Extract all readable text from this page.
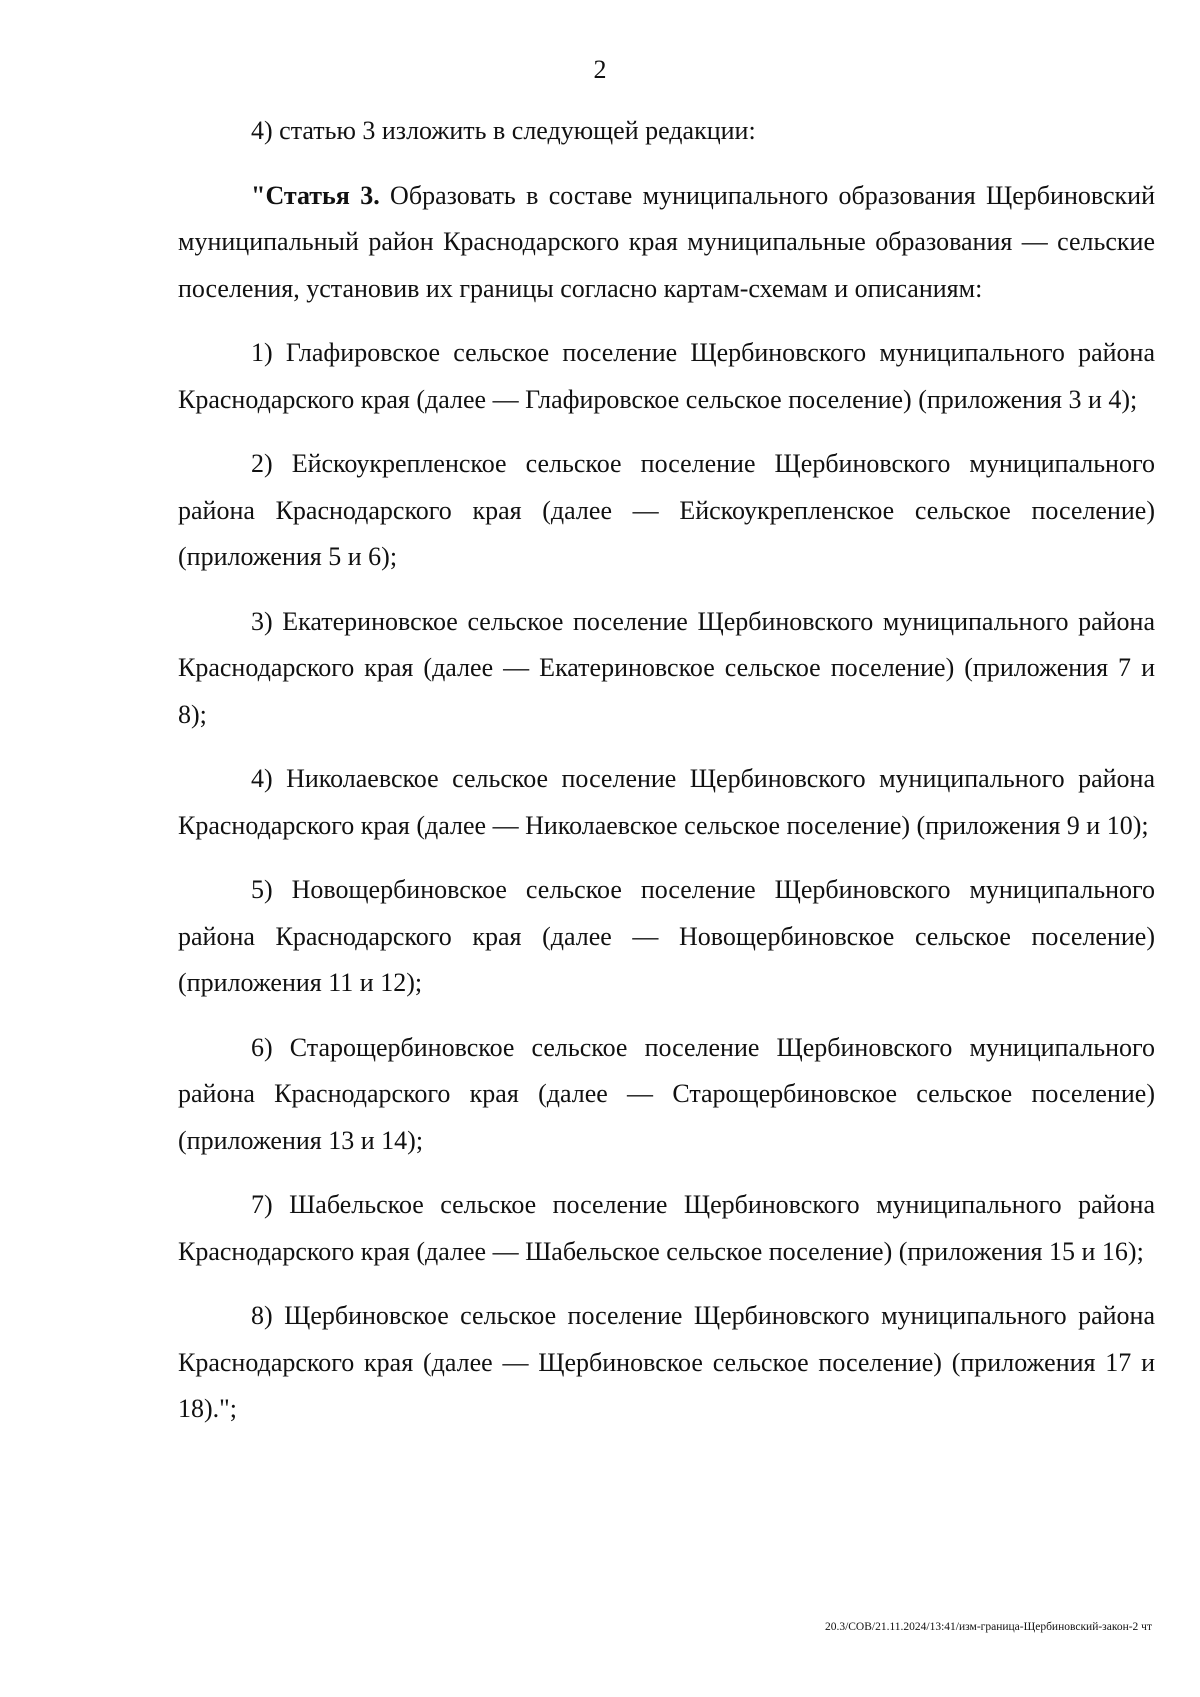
2

4) статью 3 изложить в следующей редакции:

"Статья 3. Образовать в составе муниципального образования Щербиновский муниципальный район Краснодарского края муниципальные образования — сельские поселения, установив их границы согласно картам-схемам и описаниям:

1) Глафировское сельское поселение Щербиновского муниципального района Краснодарского края (далее — Глафировское сельское поселение) (приложения 3 и 4);

2) Ейскоукрепленское сельское поселение Щербиновского муниципального района Краснодарского края (далее — Ейскоукрепленское сельское поселение) (приложения 5 и 6);

3) Екатериновское сельское поселение Щербиновского муниципального района Краснодарского края (далее — Екатериновское сельское поселение) (приложения 7 и 8);

4) Николаевское сельское поселение Щербиновского муниципального района Краснодарского края (далее — Николаевское сельское поселение) (приложения 9 и 10);

5) Новощербиновское сельское поселение Щербиновского муниципального района Краснодарского края (далее — Новощербиновское сельское поселение) (приложения 11 и 12);

6) Старощербиновское сельское поселение Щербиновского муниципального района Краснодарского края (далее — Старощербиновское сельское поселение) (приложения 13 и 14);

7) Шабельское сельское поселение Щербиновского муниципального района Краснодарского края (далее — Шабельское сельское поселение) (приложения 15 и 16);

8) Щербиновское сельское поселение Щербиновского муниципального района Краснодарского края (далее — Щербиновское сельское поселение) (приложения 17 и 18).";

20.3/СОВ/21.11.2024/13:41/изм-граница-Щербиновский-закон-2 чт
